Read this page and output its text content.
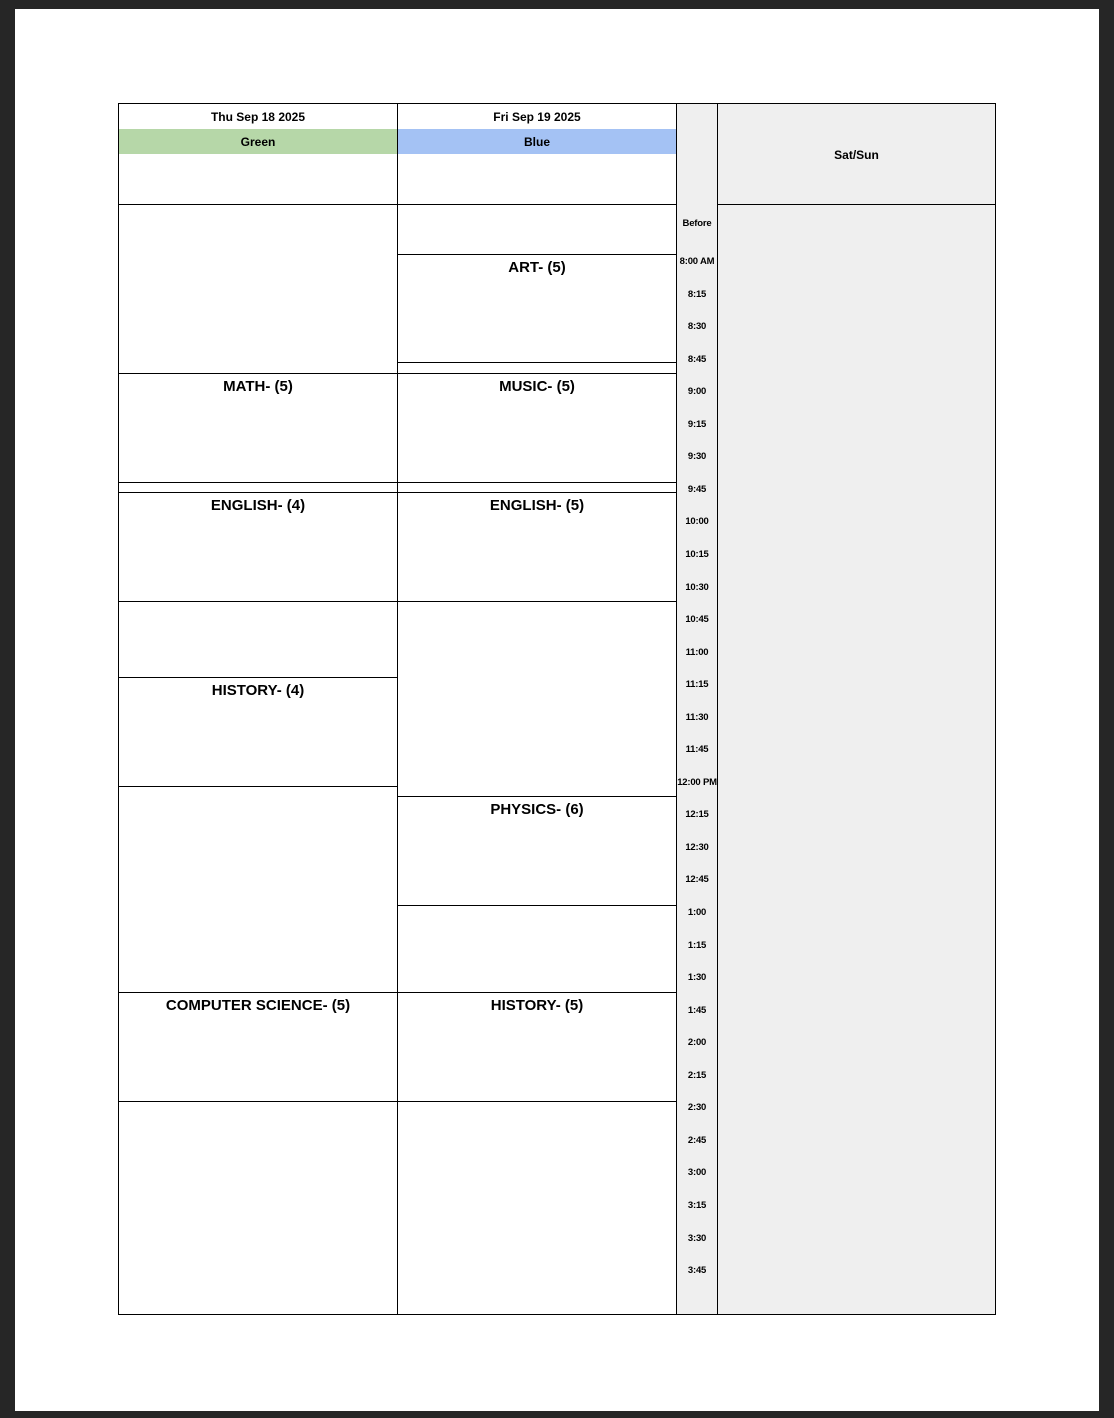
Thu Sep 18 2025
Green
MATH- (5)
ENGLISH- (4)
HISTORY- (4)
COMPUTER SCIENCE- (5)
Fri Sep 19 2025
Blue
ART- (5)
MUSIC- (5)
ENGLISH- (5)
PHYSICS- (6)
HISTORY- (5)
Before
8:00 AM
8:15
8:30
8:45
9:00
9:15
9:30
9:45
10:00
10:15
10:30
10:45
11:00
11:15
11:30
11:45
12:00 PM
12:15
12:30
12:45
1:00
1:15
1:30
1:45
2:00
2:15
2:30
2:45
3:00
3:15
3:30
3:45
Sat/Sun
